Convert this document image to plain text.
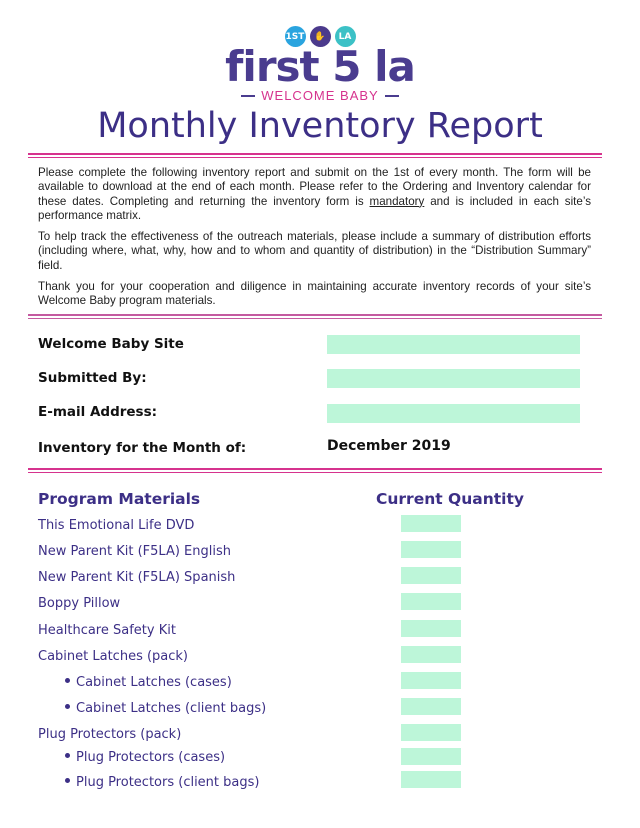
1ST	✋	LA
first 5 la
WELCOME BABY
Monthly Inventory Report
Please complete the following inventory report and submit on the 1st of every month. The form will be available to download at the end of each month. Please refer to the Ordering and Inventory calendar for these dates. Completing and returning the inventory form is mandatory and is included in each site’s performance matrix.
To help track the effectiveness of the outreach materials, please include a summary of distribution efforts (including where, what, why, how and to whom and quantity of distribution) in the “Distribution Summary” field.
Thank you for your cooperation and diligence in maintaining accurate inventory records of your site’s Welcome Baby program materials.
Welcome Baby Site
Submitted By:
E-mail Address:
Inventory for the Month of:	December 2019
Program Materials	Current Quantity
This Emotional Life DVD
New Parent Kit (F5LA) English
New Parent Kit (F5LA) Spanish
Boppy Pillow
Healthcare Safety Kit
Cabinet Latches (pack)
Cabinet Latches (cases)
Cabinet Latches (client bags)
Plug Protectors (pack)
Plug Protectors (cases)
Plug Protectors (client bags)
